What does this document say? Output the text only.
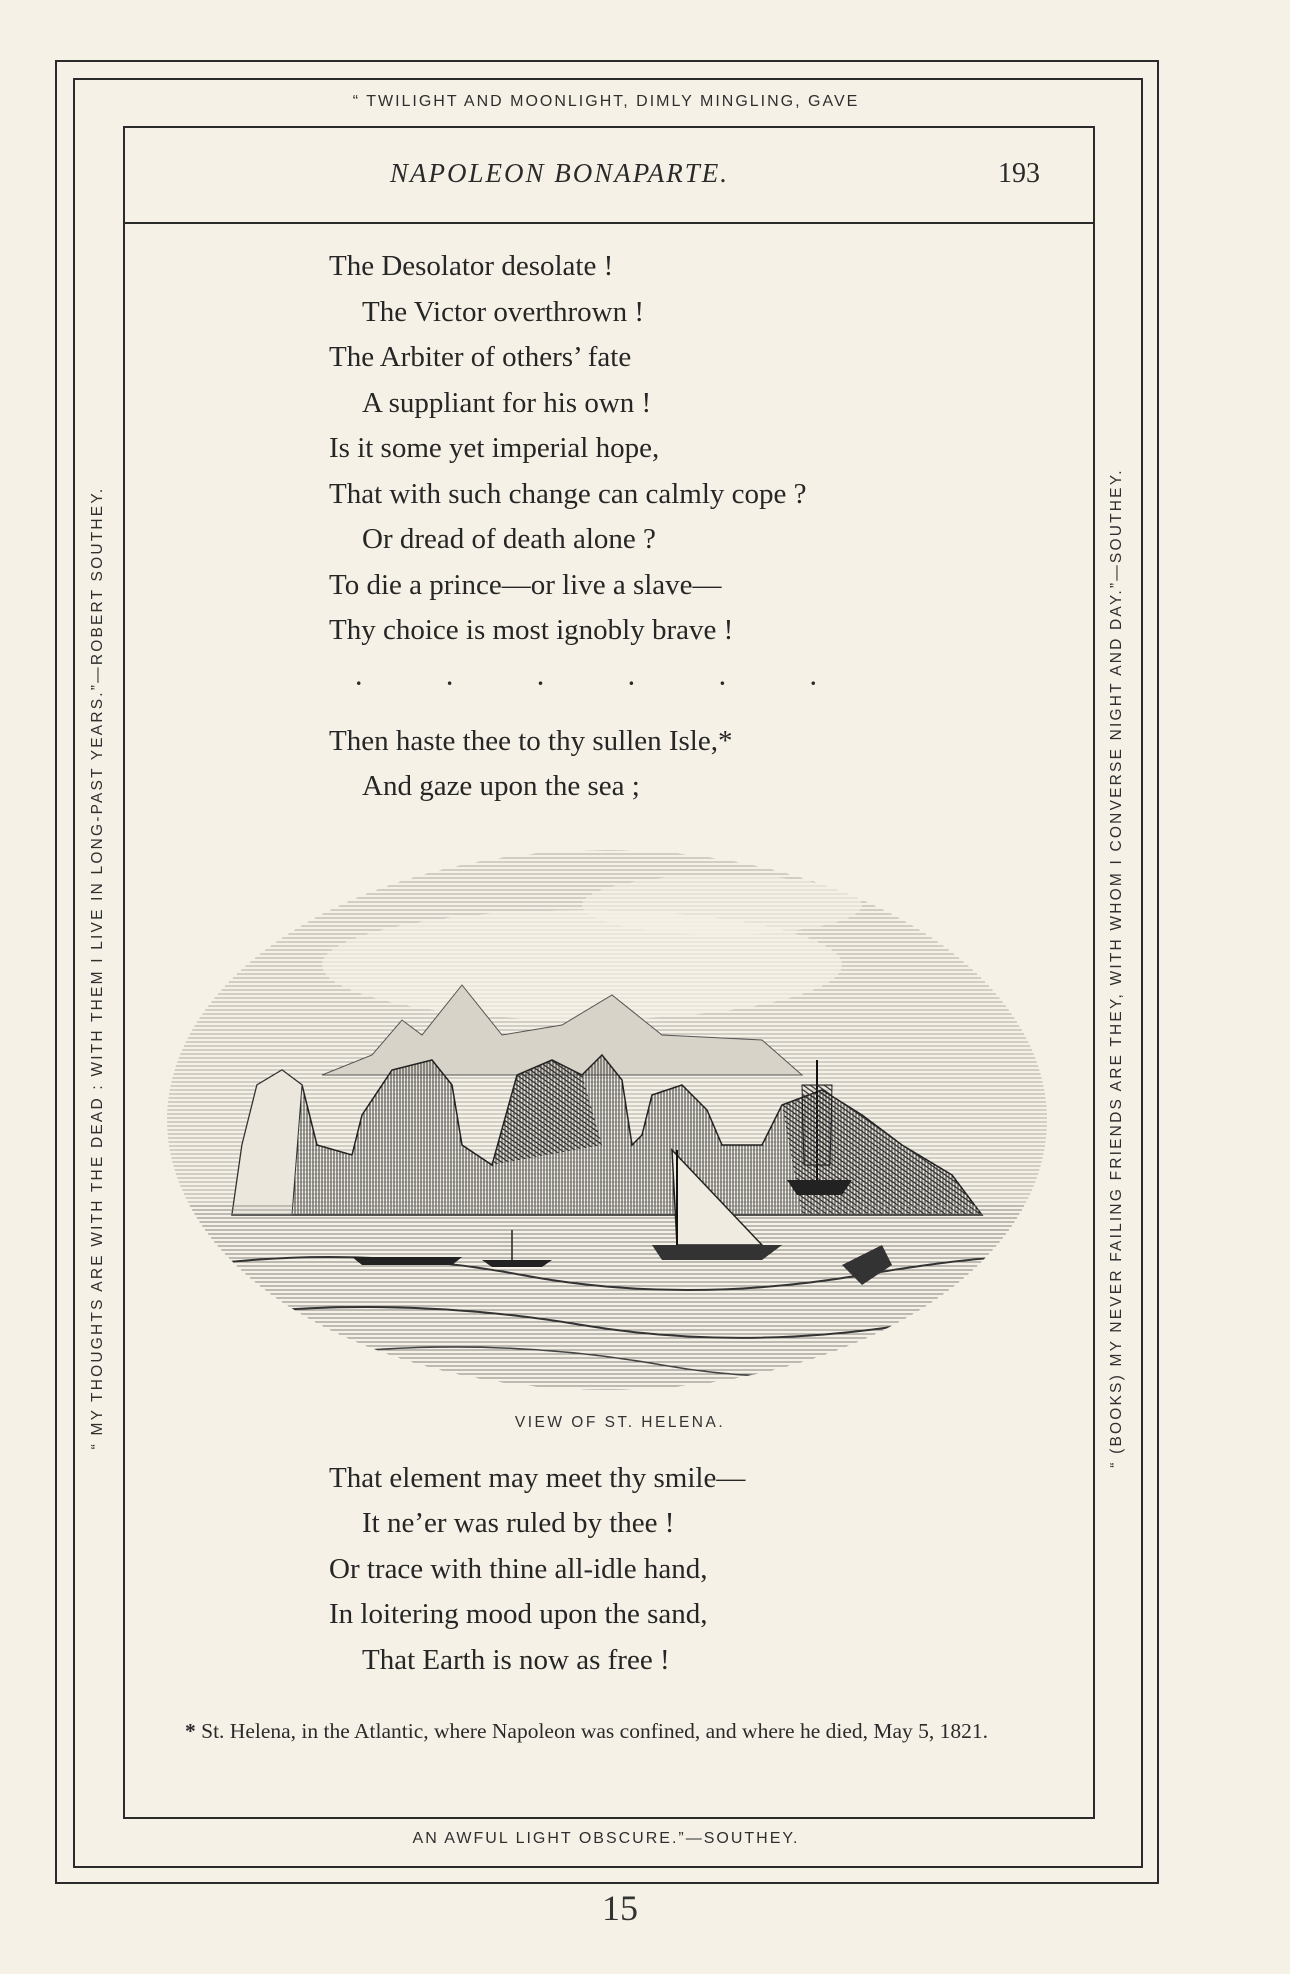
“ TWILIGHT AND MOONLIGHT, DIMLY MINGLING, GAVE
AN AWFUL LIGHT OBSCURE.”—SOUTHEY.
“ MY THOUGHTS ARE WITH THE DEAD : WITH THEM I LIVE IN LONG-PAST YEARS.”—ROBERT SOUTHEY.	“ (BOOKS) MY NEVER FAILING FRIENDS ARE THEY, WITH WHOM I CONVERSE NIGHT AND DAY.”—SOUTHEY.
NAPOLEON BONAPARTE.	193
The Desolator desolate !
The Victor overthrown !
The Arbiter of others’ fate
A suppliant for his own !
Is it some yet imperial hope,
That with such change can calmly cope ?
Or dread of death alone ?
To die a prince—or live a slave—
Thy choice is most ignobly brave !
.	.	.	.	.	.
Then haste thee to thy sullen Isle,*
And gaze upon the sea ;
VIEW OF ST. HELENA.
That element may meet thy smile—
It ne’er was ruled by thee !
Or trace with thine all-idle hand,
In loitering mood upon the sand,
That Earth is now as free !
* St. Helena, in the Atlantic, where Napoleon was confined, and where he died, May 5, 1821.
15
